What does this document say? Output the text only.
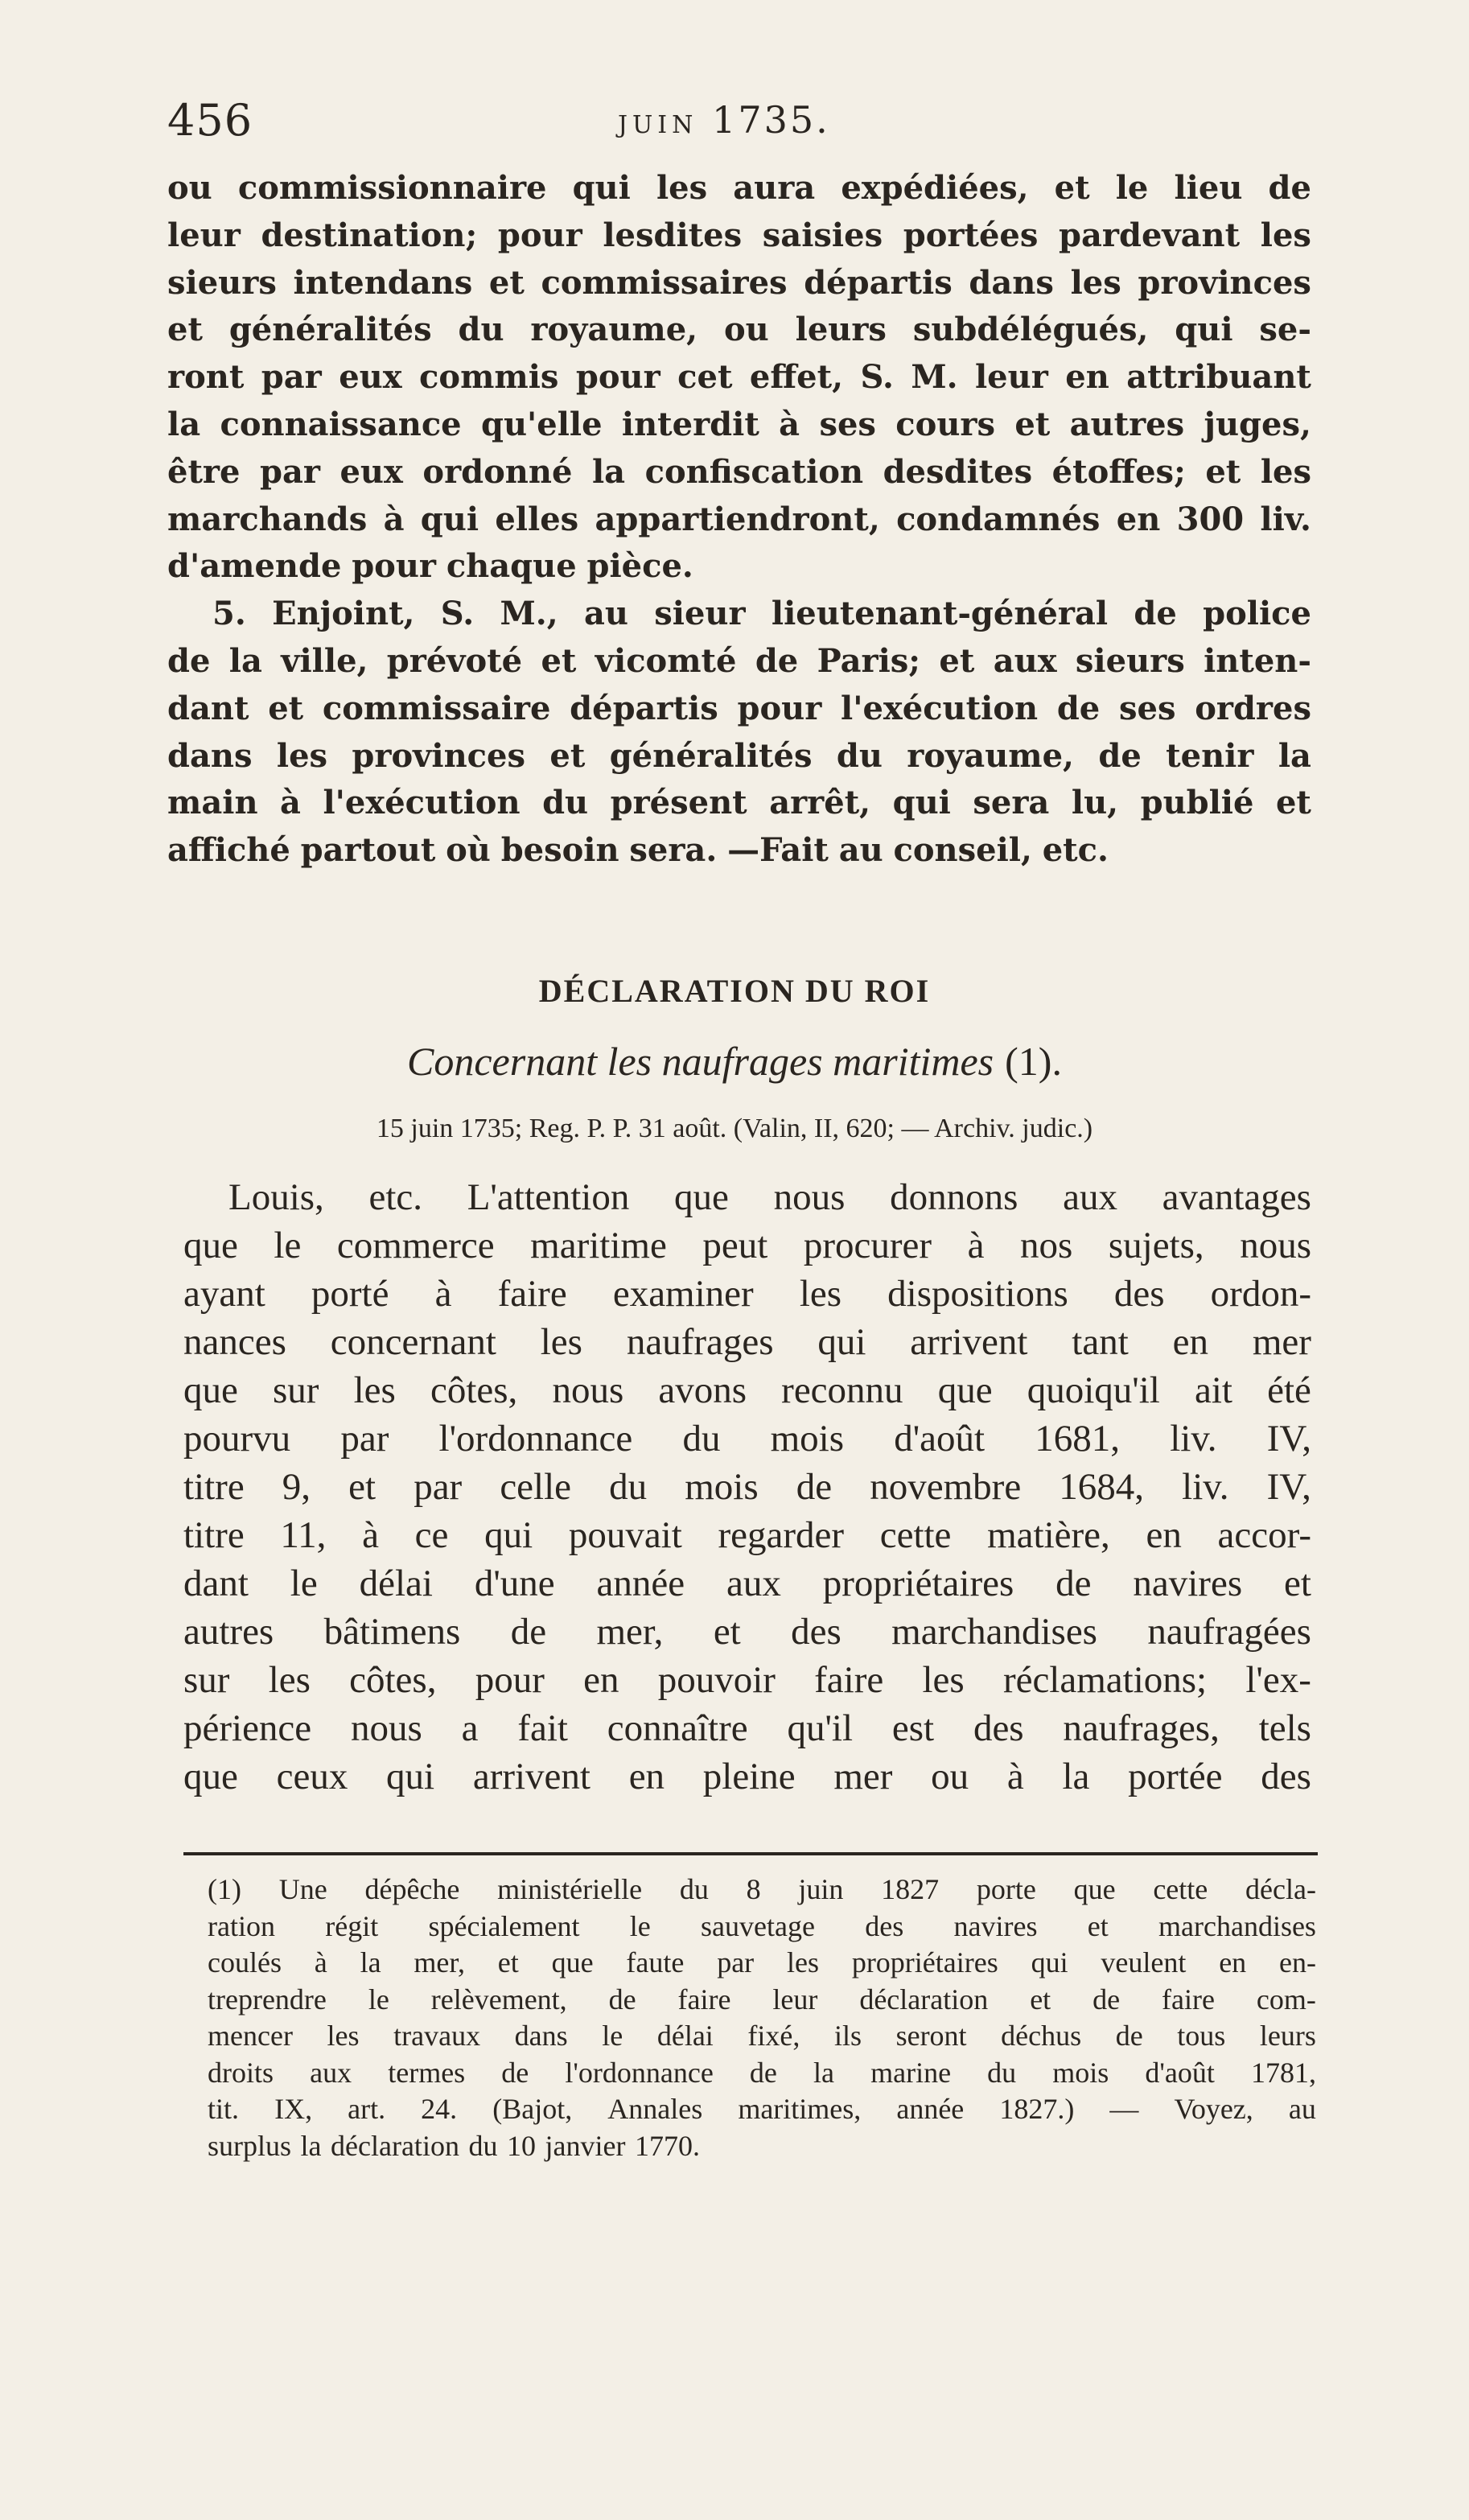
456	JUIN 1735.
ou commissionnaire qui les aura expédiées, et le lieu de
leur destination; pour lesdites saisies portées pardevant les
sieurs intendans et commissaires départis dans les provinces
et généralités du royaume, ou leurs subdélégués, qui se-
ront par eux commis pour cet effet, S. M. leur en attribuant
la connaissance qu'elle interdit à ses cours et autres juges,
être par eux ordonné la confiscation desdites étoffes; et les
marchands à qui elles appartiendront, condamnés en 300 liv.
d'amende pour chaque pièce.
5. Enjoint, S. M., au sieur lieutenant-général de police
de la ville, prévoté et vicomté de Paris; et aux sieurs inten-
dant et commissaire départis pour l'exécution de ses ordres
dans les provinces et généralités du royaume, de tenir la
main à l'exécution du présent arrêt, qui sera lu, publié et
affiché partout où besoin sera. —Fait au conseil, etc.
DÉCLARATION DU ROI
Concernant les naufrages maritimes (1).
15 juin 1735; Reg. P. P. 31 août. (Valin, II, 620; — Archiv. judic.)
Louis, etc. L'attention que nous donnons aux avantages
que le commerce maritime peut procurer à nos sujets, nous
ayant porté à faire examiner les dispositions des ordon-
nances concernant les naufrages qui arrivent tant en mer
que sur les côtes, nous avons reconnu que quoiqu'il ait été
pourvu par l'ordonnance du mois d'août 1681, liv. IV,
titre 9, et par celle du mois de novembre 1684, liv. IV,
titre 11, à ce qui pouvait regarder cette matière, en accor-
dant le délai d'une année aux propriétaires de navires et
autres bâtimens de mer, et des marchandises naufragées
sur les côtes, pour en pouvoir faire les réclamations; l'ex-
périence nous a fait connaître qu'il est des naufrages, tels
que ceux qui arrivent en pleine mer ou à la portée des
(1) Une dépêche ministérielle du 8 juin 1827 porte que cette décla-
ration régit spécialement le sauvetage des navires et marchandises
coulés à la mer, et que faute par les propriétaires qui veulent en en-
treprendre le relèvement, de faire leur déclaration et de faire com-
mencer les travaux dans le délai fixé, ils seront déchus de tous leurs
droits aux termes de l'ordonnance de la marine du mois d'août 1781,
tit. IX, art. 24. (Bajot, Annales maritimes, année 1827.) — Voyez, au
surplus la déclaration du 10 janvier 1770.
